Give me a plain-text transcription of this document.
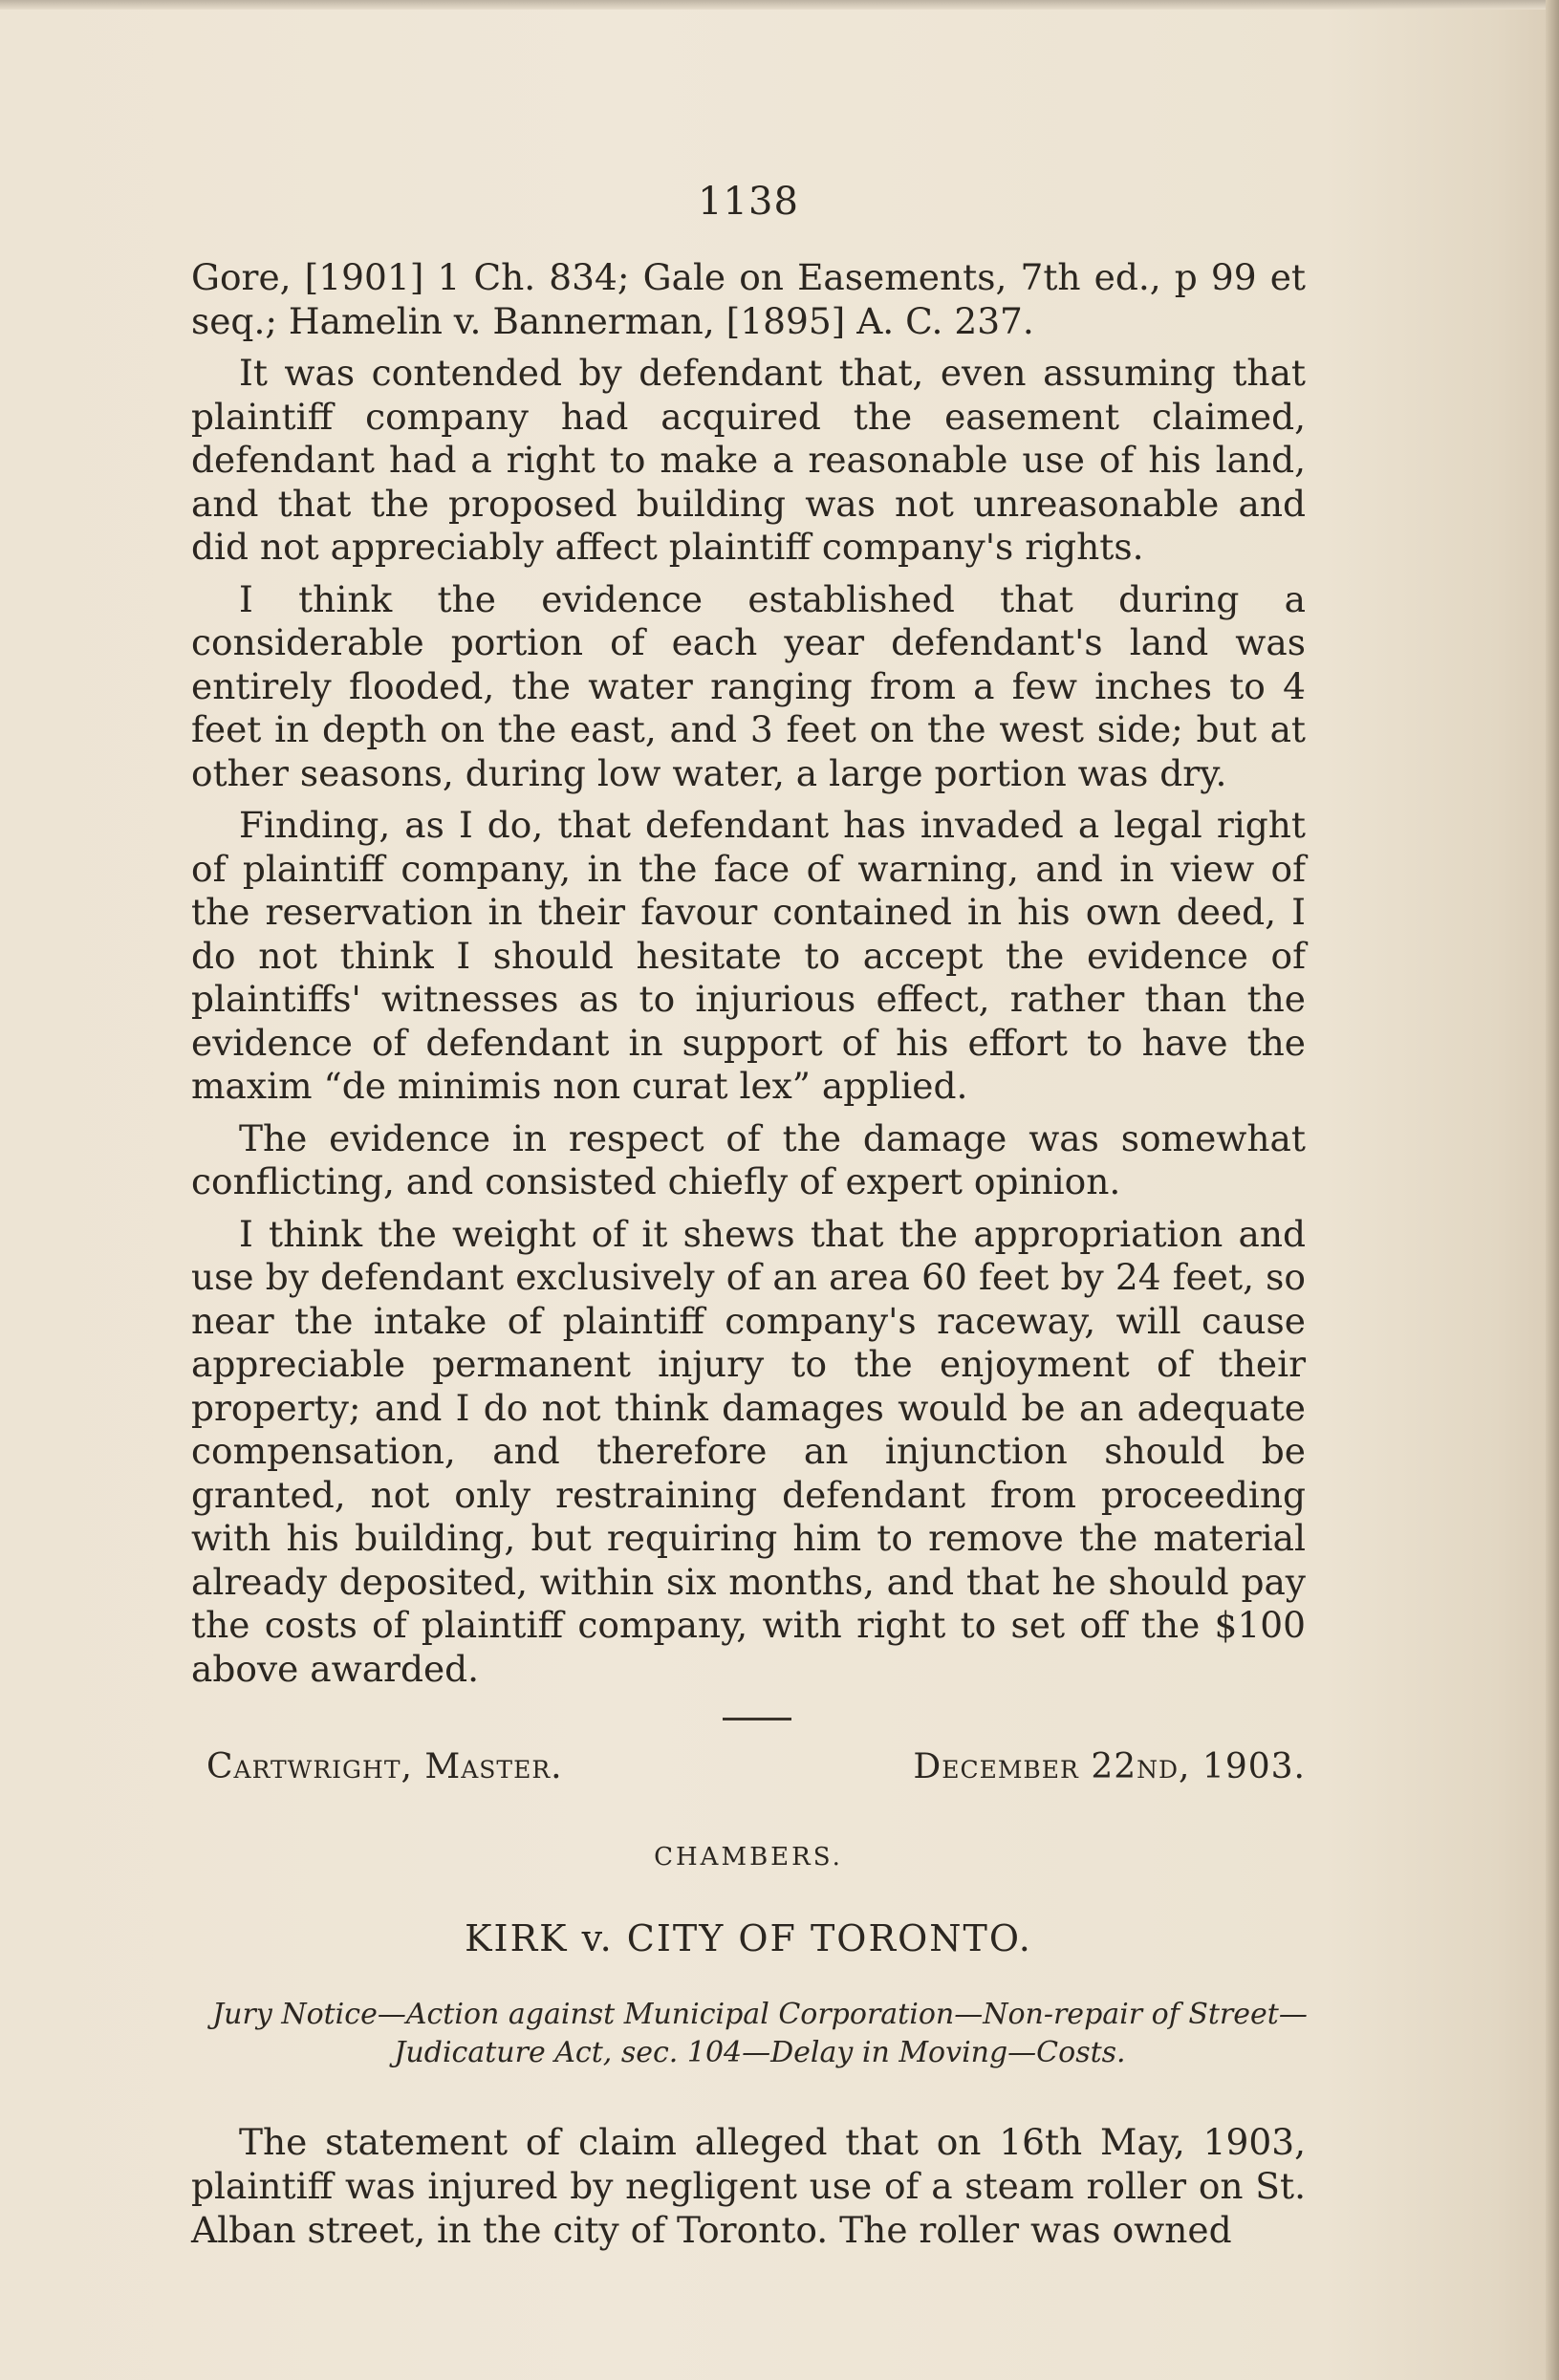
1138

Gore, [1901] 1 Ch. 834; Gale on Easements, 7th ed., p 99 et seq.; Hamelin v. Bannerman, [1895] A. C. 237.

It was contended by defendant that, even assuming that plaintiff company had acquired the easement claimed, defendant had a right to make a reasonable use of his land, and that the proposed building was not unreasonable and did not appreciably affect plaintiff company's rights.

I think the evidence established that during a considerable portion of each year defendant's land was entirely flooded, the water ranging from a few inches to 4 feet in depth on the east, and 3 feet on the west side; but at other seasons, during low water, a large portion was dry.

Finding, as I do, that defendant has invaded a legal right of plaintiff company, in the face of warning, and in view of the reservation in their favour contained in his own deed, I do not think I should hesitate to accept the evidence of plaintiffs' witnesses as to injurious effect, rather than the evidence of defendant in support of his effort to have the maxim “de minimis non curat lex” applied.

The evidence in respect of the damage was somewhat conflicting, and consisted chiefly of expert opinion.

I think the weight of it shews that the appropriation and use by defendant exclusively of an area 60 feet by 24 feet, so near the intake of plaintiff company's raceway, will cause appreciable permanent injury to the enjoyment of their property; and I do not think damages would be an adequate compensation, and therefore an injunction should be granted, not only restraining defendant from proceeding with his building, but requiring him to remove the material already deposited, within six months, and that he should pay the costs of plaintiff company, with right to set off the $100 above awarded.

Cartwright, Master.	December 22nd, 1903.
CHAMBERS.
KIRK v. CITY OF TORONTO.
Jury Notice—Action against Municipal Corporation—Non-repair of Street—Judicature Act, sec. 104—Delay in Moving—Costs.

The statement of claim alleged that on 16th May, 1903, plaintiff was injured by negligent use of a steam roller on St. Alban street, in the city of Toronto. The roller was owned
